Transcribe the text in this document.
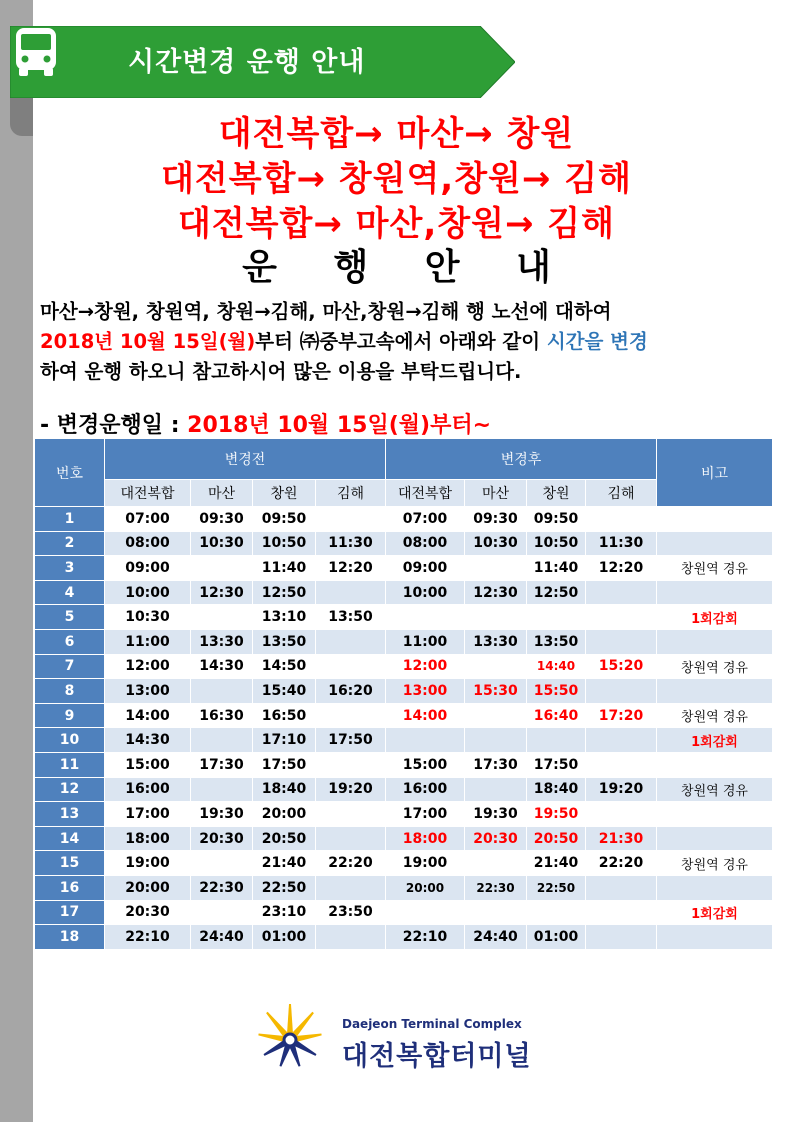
시간변경 운행 안내
대전복합→ 마산→ 창원
대전복합→ 창원역,창원→ 김해
대전복합→ 마산,창원→ 김해
운 행 안 내
마산→창원, 창원역, 창원→김해, 마산,창원→김해 행 노선에 대하여
2018년 10월 15일(월)부터 ㈜중부고속에서 아래와 같이 시간을 변경
하여 운행 하오니 참고하시어 많은 이용을 부탁드립니다.
- 변경운행일 : 2018년 10월 15일(월)부터~
번호	변경전				변경후				비고
	대전복합	마산	창원	김해	대전복합	마산	창원	김해	
1	07:00	09:30	09:50		07:00	09:30	09:50		
2	08:00	10:30	10:50	11:30	08:00	10:30	10:50	11:30	
3	09:00		11:40	12:20	09:00		11:40	12:20	창원역 경유
4	10:00	12:30	12:50		10:00	12:30	12:50		
5	10:30		13:10	13:50					1회감회
6	11:00	13:30	13:50		11:00	13:30	13:50		
7	12:00	14:30	14:50		12:00		14:40	15:20	창원역 경유
8	13:00		15:40	16:20	13:00	15:30	15:50		
9	14:00	16:30	16:50		14:00		16:40	17:20	창원역 경유
10	14:30		17:10	17:50					1회감회
11	15:00	17:30	17:50		15:00	17:30	17:50		
12	16:00		18:40	19:20	16:00		18:40	19:20	창원역 경유
13	17:00	19:30	20:00		17:00	19:30	19:50		
14	18:00	20:30	20:50		18:00	20:30	20:50	21:30	
15	19:00		21:40	22:20	19:00		21:40	22:20	창원역 경유
16	20:00	22:30	22:50		20:00	22:30	22:50		
17	20:30		23:10	23:50					1회감회
18	22:10	24:40	01:00		22:10	24:40	01:00		
Daejeon Terminal Complex
대전복합터미널
